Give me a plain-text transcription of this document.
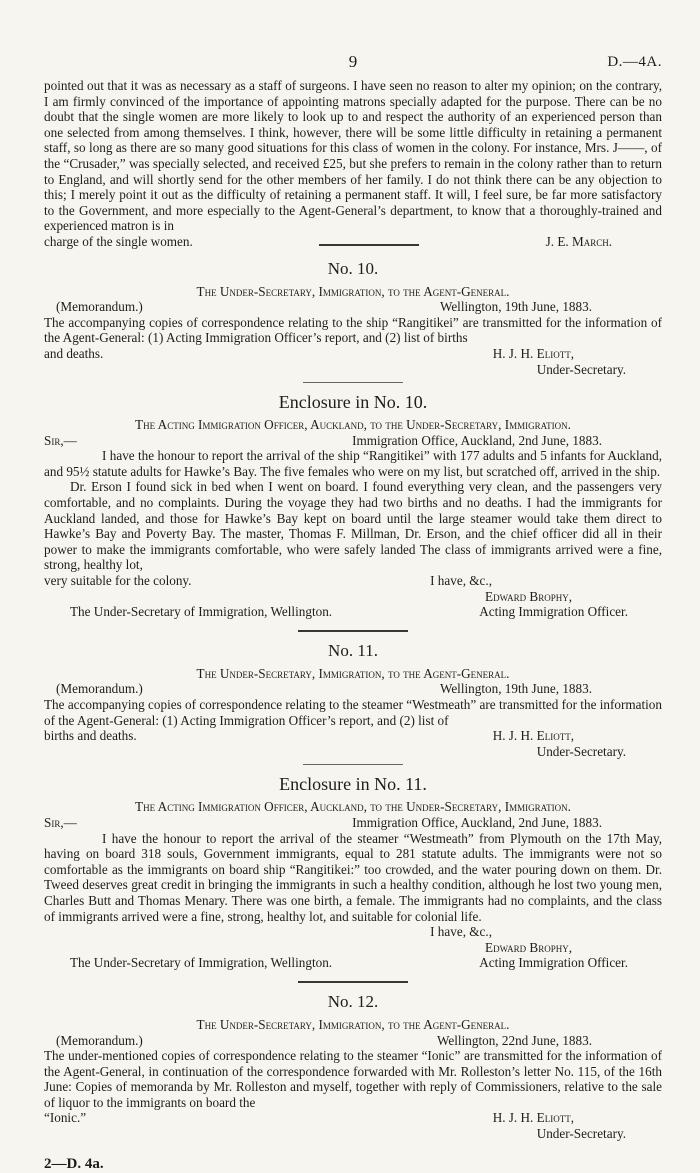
9	D.—4A.

pointed out that it was as necessary as a staff of surgeons. I have seen no reason to alter my opinion; on the contrary, I am firmly convinced of the importance of appointing matrons specially adapted for the purpose. There can be no doubt that the single women are more likely to look up to and respect the authority of an experienced person than one selected from among themselves. I think, however, there will be some little difficulty in retaining a permanent staff, so long as there are so many good situations for this class of women in the colony. For instance, Mrs. J——, of the “Crusader,” was specially selected, and received £25, but she prefers to remain in the colony rather than to return to England, and will shortly send for the other members of her family. I do not think there can be any objection to this; I merely point it out as the difficulty of retaining a permanent staff. It will, I feel sure, be far more satisfactory to the Government, and more especially to the Agent-General’s department, to know that a thoroughly-trained and experienced matron is in

charge of the single women.	J. E. March.
No. 10.
The Under-Secretary, Immigration, to the Agent-General.
(Memorandum.)	Wellington, 19th June, 1883.

The accompanying copies of correspondence relating to the ship “Rangitikei” are transmitted for the information of the Agent-General: (1) Acting Immigration Officer’s report, and (2) list of births

and deaths.	H. J. H. Eliott,
Under-Secretary.
Enclosure in No. 10.
The Acting Immigration Officer, Auckland, to the Under-Secretary, Immigration.
Sir,—	Immigration Office, Auckland, 2nd June, 1883.

I have the honour to report the arrival of the ship “Rangitikei” with 177 adults and 5 infants for Auckland, and 95½ statute adults for Hawke’s Bay. The five females who were on my list, but scratched off, arrived in the ship.

Dr. Erson I found sick in bed when I went on board. I found everything very clean, and the passengers very comfortable, and no complaints. During the voyage they had two births and no deaths. I had the immigrants for Auckland landed, and those for Hawke’s Bay kept on board until the large steamer would take them direct to Hawke’s Bay and Poverty Bay. The master, Thomas F. Millman, Dr. Erson, and the chief officer did all in their power to make the immigrants comfortable, who were safely landed The class of immigrants arrived were a fine, strong, healthy lot,

very suitable for the colony.	I have, &c.,
Edward Brophy,
The Under-Secretary of Immigration, Wellington.	Acting Immigration Officer.
No. 11.
The Under-Secretary, Immigration, to the Agent-General.
(Memorandum.)	Wellington, 19th June, 1883.

The accompanying copies of correspondence relating to the steamer “Westmeath” are transmitted for the information of the Agent-General: (1) Acting Immigration Officer’s report, and (2) list of

births and deaths.	H. J. H. Eliott,
Under-Secretary.
Enclosure in No. 11.
The Acting Immigration Officer, Auckland, to the Under-Secretary, Immigration.
Sir,—	Immigration Office, Auckland, 2nd June, 1883.

I have the honour to report the arrival of the steamer “Westmeath” from Plymouth on the 17th May, having on board 318 souls, Government immigrants, equal to 281 statute adults. The immigrants were not so comfortable as the immigrants on board ship “Rangitikei:” too crowded, and the water pouring down on them. Dr. Tweed deserves great credit in bringing the immigrants in such a healthy condition, although he lost two young men, Charles Butt and Thomas Menary. There was one birth, a female. The immigrants had no complaints, and the class of immigrants arrived were a fine, strong, healthy lot, and suitable for colonial life.

I have, &c.,
Edward Brophy,
The Under-Secretary of Immigration, Wellington.	Acting Immigration Officer.
No. 12.
The Under-Secretary, Immigration, to the Agent-General.
(Memorandum.)	Wellington, 22nd June, 1883.

The under-mentioned copies of correspondence relating to the steamer “Ionic” are transmitted for the information of the Agent-General, in continuation of the correspondence forwarded with Mr. Rolleston’s letter No. 115, of the 16th June: Copies of memoranda by Mr. Rolleston and myself, together with reply of Commissioners, relative to the sale of liquor to the immigrants on board the

“Ionic.”	H. J. H. Eliott,
Under-Secretary.
2—D. 4a.
